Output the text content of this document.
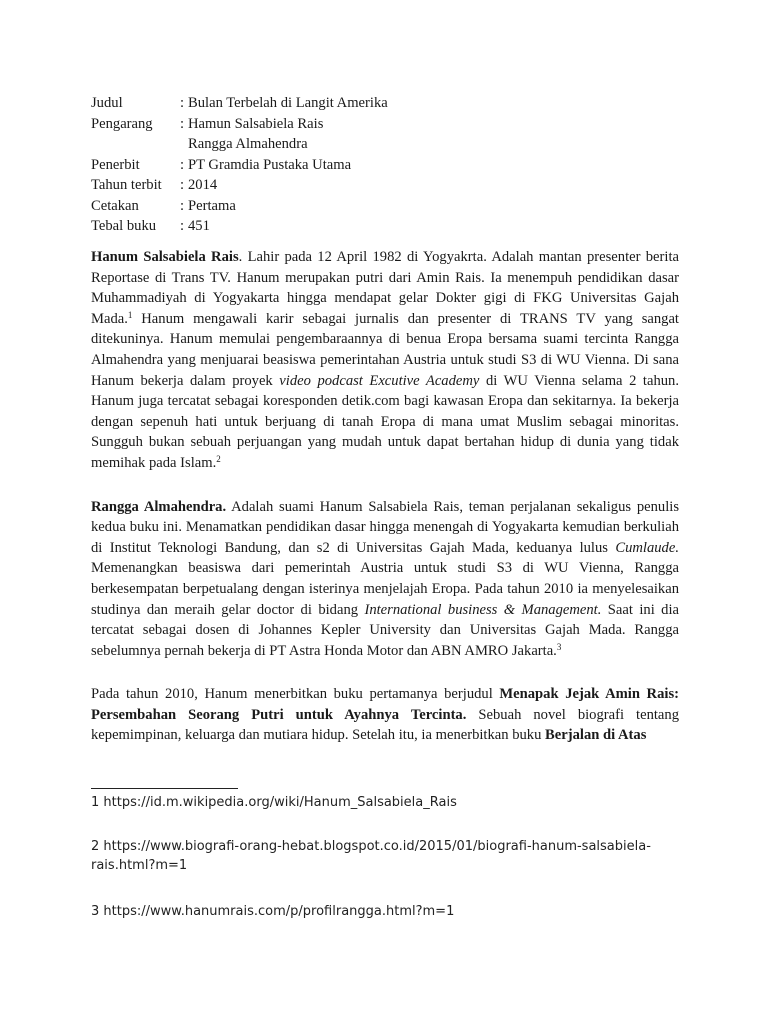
Judul	:	Bulan Terbelah di Langit Amerika
Pengarang	:	Hamun Salsabiela Rais
		Rangga Almahendra
Penerbit	:	PT Gramdia Pustaka Utama
Tahun terbit	:	2014
Cetakan	:	Pertama
Tebal buku	:	451

Hanum Salsabiela Rais. Lahir pada 12 April 1982 di Yogyakrta. Adalah mantan presenter berita Reportase di Trans TV. Hanum merupakan putri dari Amin Rais. Ia menempuh pendidikan dasar Muhammadiyah di Yogyakarta hingga mendapat gelar Dokter gigi di FKG Universitas Gajah Mada.$^1$ Hanum mengawali karir sebagai jurnalis dan presenter di TRANS TV yang sangat ditekuninya. Hanum memulai pengembaraannya di benua Eropa bersama suami tercinta Rangga Almahendra yang menjuarai beasiswa pemerintahan Austria untuk studi S3 di WU Vienna. Di sana Hanum bekerja dalam proyek video podcast Excutive Academy di WU Vienna selama 2 tahun. Hanum juga tercatat sebagai koresponden detik.com bagi kawasan Eropa dan sekitarnya. Ia bekerja dengan sepenuh hati untuk berjuang di tanah Eropa di mana umat Muslim sebagai minoritas. Sungguh bukan sebuah perjuangan yang mudah untuk dapat bertahan hidup di dunia yang tidak memihak pada Islam.$^2$

Rangga Almahendra. Adalah suami Hanum Salsabiela Rais, teman perjalanan sekaligus penulis kedua buku ini. Menamatkan pendidikan dasar hingga menengah di Yogyakarta kemudian berkuliah di Institut Teknologi Bandung, dan s2 di Universitas Gajah Mada, keduanya lulus Cumlaude. Memenangkan beasiswa dari pemerintah Austria untuk studi S3 di WU Vienna, Rangga berkesempatan berpetualang dengan isterinya menjelajah Eropa. Pada tahun 2010 ia menyelesaikan studinya dan meraih gelar doctor di bidang International business & Management. Saat ini dia tercatat sebagai dosen di Johannes Kepler University dan Universitas Gajah Mada. Rangga sebelumnya pernah bekerja di PT Astra Honda Motor dan ABN AMRO Jakarta.$^3$

Pada tahun 2010, Hanum menerbitkan buku pertamanya berjudul Menapak Jejak Amin Rais: Persembahan Seorang Putri untuk Ayahnya Tercinta. Sebuah novel biografi tentang kepemimpinan, keluarga dan mutiara hidup. Setelah itu, ia menerbitkan buku Berjalan di Atas

1 https://id.m.wikipedia.org/wiki/Hanum_Salsabiela_Rais
2 https://www.biografi-orang-hebat.blogspot.co.id/2015/01/biografi-hanum-salsabiela-rais.html?m=1
3 https://www.hanumrais.com/p/profilrangga.html?m=1
